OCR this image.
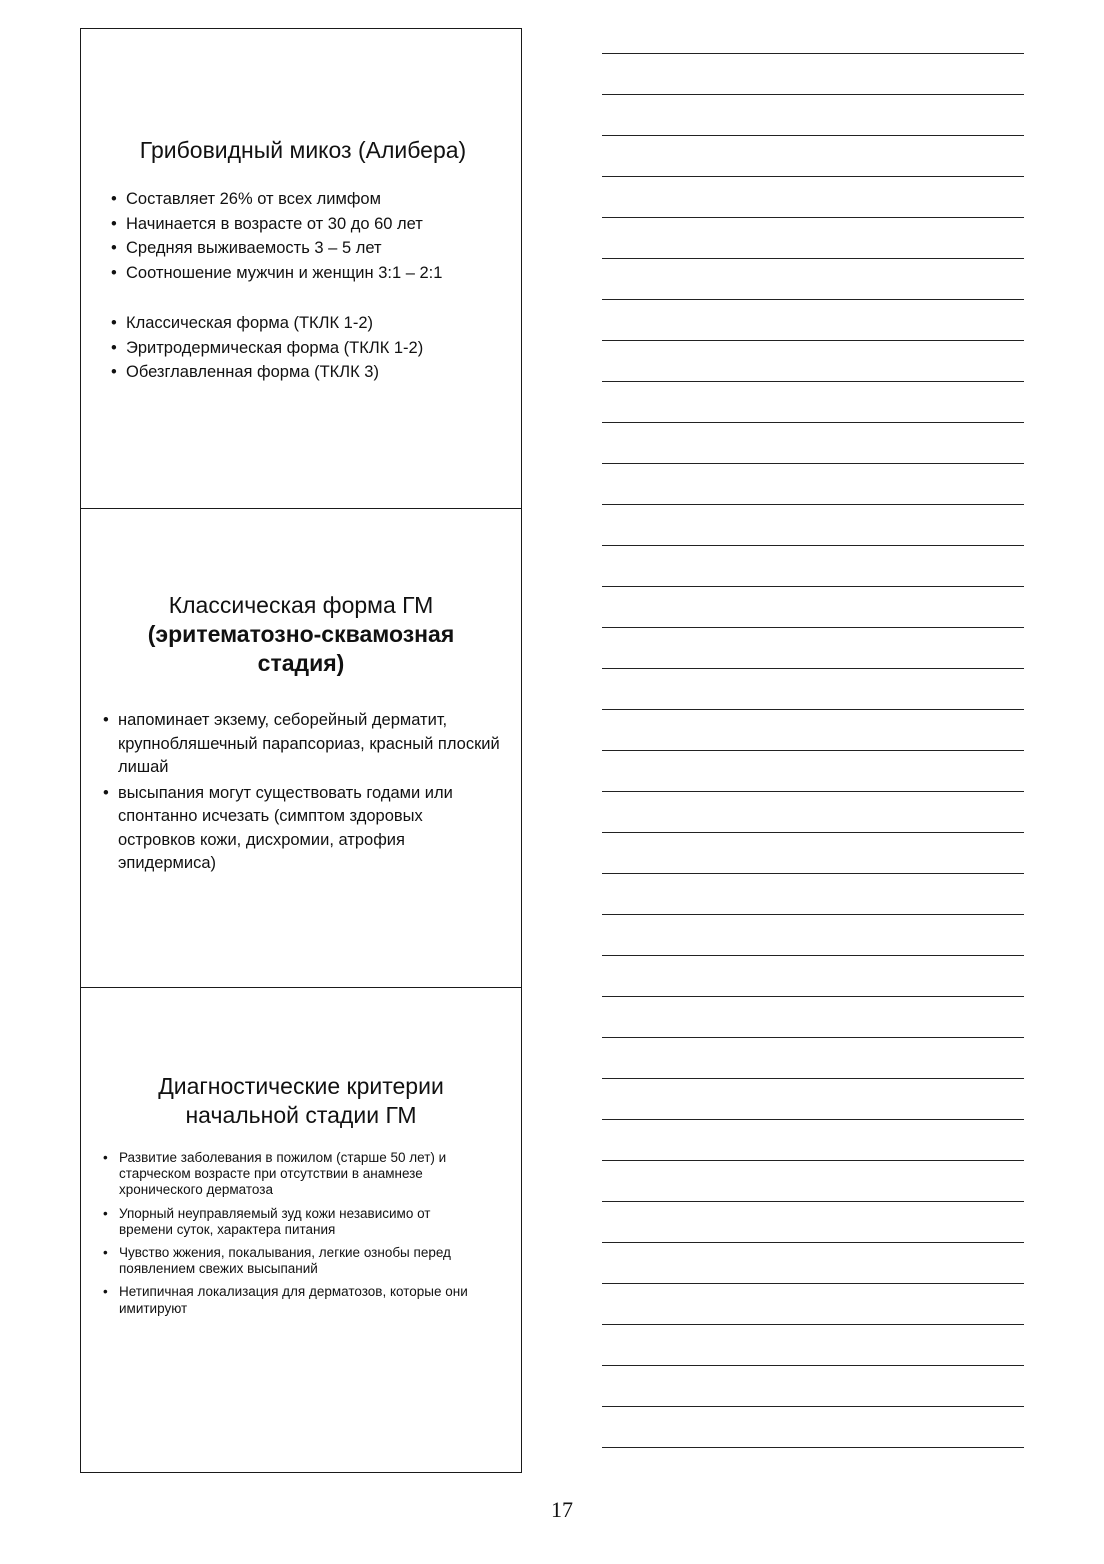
Грибовидный микоз (Алибера)
• Составляет 26% от всех лимфом
• Начинается в возрасте от 30 до 60 лет
• Средняя выживаемость 3 – 5 лет
• Соотношение мужчин и женщин 3:1 – 2:1
• Классическая форма (ТКЛК 1-2)
• Эритродермическая форма (ТКЛК 1-2)
• Обезглавленная форма (ТКЛК 3)
Классическая форма ГМ
(эритематозно-сквамозная стадия)
• напоминает экзему, себорейный дерматит, крупнобляшечный парапсориаз, красный плоский лишай
• высыпания могут существовать годами или спонтанно исчезать (симптом здоровых островков кожи, дисхромии, атрофия эпидермиса)
Диагностические критерии
начальной стадии ГМ
• Развитие заболевания в пожилом (старше 50 лет) и старческом возрасте при отсутствии в анамнезе хронического дерматоза
• Упорный неуправляемый зуд кожи независимо от времени суток, характера питания
• Чувство жжения, покалывания, легкие ознобы перед появлением свежих высыпаний
• Нетипичная локализация для дерматозов, которые они имитируют
17
